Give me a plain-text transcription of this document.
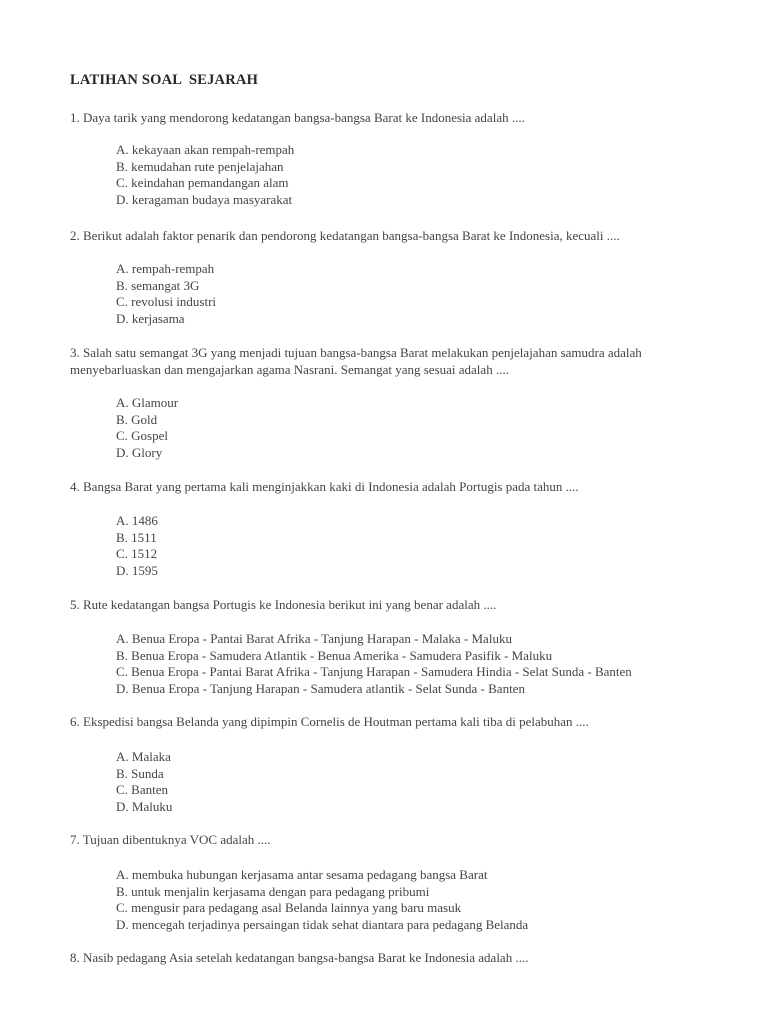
LATIHAN SOAL  SEJARAH
1. Daya tarik yang mendorong kedatangan bangsa-bangsa Barat ke Indonesia adalah ....
A. kekayaan akan rempah-rempah
B. kemudahan rute penjelajahan
C. keindahan pemandangan alam
D. keragaman budaya masyarakat
2. Berikut adalah faktor penarik dan pendorong kedatangan bangsa-bangsa Barat ke Indonesia, kecuali ....
A. rempah-rempah
B. semangat 3G
C. revolusi industri
D. kerjasama
3. Salah satu semangat 3G yang menjadi tujuan bangsa-bangsa Barat melakukan penjelajahan samudra adalah menyebarluaskan dan mengajarkan agama Nasrani. Semangat yang sesuai adalah ....
A. Glamour
B. Gold
C. Gospel
D. Glory
4. Bangsa Barat yang pertama kali menginjakkan kaki di Indonesia adalah Portugis pada tahun ....
A. 1486
B. 1511
C. 1512
D. 1595
5. Rute kedatangan bangsa Portugis ke Indonesia berikut ini yang benar adalah ....
A. Benua Eropa - Pantai Barat Afrika - Tanjung Harapan - Malaka - Maluku
B. Benua Eropa - Samudera Atlantik - Benua Amerika - Samudera Pasifik - Maluku
C. Benua Eropa - Pantai Barat Afrika - Tanjung Harapan - Samudera Hindia - Selat Sunda - Banten
D. Benua Eropa - Tanjung Harapan - Samudera atlantik - Selat Sunda - Banten
6. Ekspedisi bangsa Belanda yang dipimpin Cornelis de Houtman pertama kali tiba di pelabuhan ....
A. Malaka
B. Sunda
C. Banten
D. Maluku
7. Tujuan dibentuknya VOC adalah ....
A. membuka hubungan kerjasama antar sesama pedagang bangsa Barat
B. untuk menjalin kerjasama dengan para pedagang pribumi
C. mengusir para pedagang asal Belanda lainnya yang baru masuk
D. mencegah terjadinya persaingan tidak sehat diantara para pedagang Belanda
8. Nasib pedagang Asia setelah kedatangan bangsa-bangsa Barat ke Indonesia adalah ....
